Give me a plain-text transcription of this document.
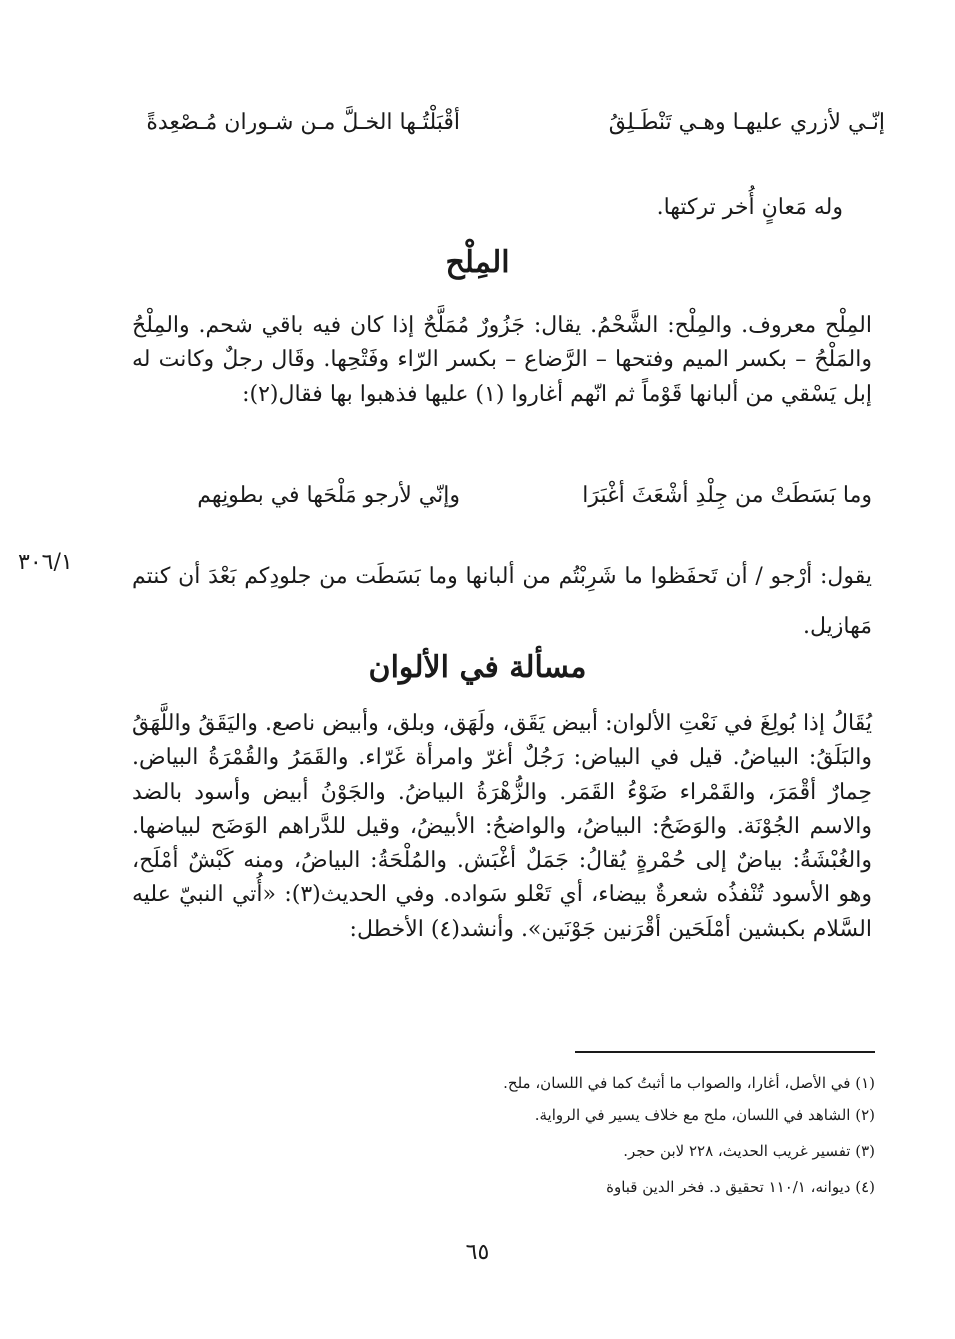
إنّـي لأزري عليهـا وهـي تَنْطَـلِقُ
أقْبَلْتُـها الخـلَّ مـن شـوران مُـصْعِدةً
وله مَعانٍ أُخر تركتها.
المِلْح
المِلْح معروف. والمِلْح: الشَّحْمُ. يقال: جَزُورٌ مُمَلَّحٌ إذا كان فيه باقي شحم. والمِلْحُ والمَلْحُ – بكسر الميم وفتحها – الرَّضاع – بكسر الرّاء وفَتْحِها. وقَال رجلٌ وكانت له إبل يَسْقي من ألبانها قَوْماً ثم انّهم أغاروا (١) عليها فذهبوا بها فقال(٢):
وما بَسَطَتْ من جِلْدِ أشْعَثَ أغْبَرَا
وإنّي لأرجو مَلْحَها في بطونِهم
يقول: أرْجو / أن تَحفَظوا ما شَرِبْتُم من ألبانها وما بَسَطَت من جلودِكم بَعْدَ أن كنتم مَهازيل.
٣٠٦/١
مسألة في الألوان
يُقَالُ إذا بُولِغَ في نَعْتِ الألوان: أبيض يَقَق، ولَهَق، وبلق، وأبيض ناصع. واليَقَقُ واللَّهَقُ والبَلَقُ: البياضُ. قيل في البياض: رَجُلٌ أغرّ وامرأة غَرّاء. والقَمَرُ والقُمْرَةُ البياض. حِمارٌ أقْمَرَ، والقَمْراء ضَوْءُ القَمَر. والزُّهْرَةُ البياضُ. والجَوْنُ أبيض وأسود بالضد والاسم الجُوْنَة. والوَضَحُ: البياضُ، والواضحُ: الأبيضُ، وقيل للدَّراهم الوَضَح لبياضها. والغُبْشَةُ: بياضٌ إلى حُمْرةٍ يُقالُ: جَمَلٌ أغْبَش. والمُلْحَةُ: البياضُ، ومنه كَبْشٌ أمْلَح، وهو الأسود تُنْفذُه شعرةٌ بيضاء، أي تَعْلو سَواده. وفي الحديث(٣): «أُتي النبيّ عليه السَّلام بكبشين أمْلَحَين أقْرَنين جَوْنَين». وأنشد(٤) الأخطل:
(١) في الأصل، أغارا، والصواب ما أثبتُ كما في اللسان، ملح.
(٢) الشاهد في اللسان، ملح مع خلاف يسير في الرواية.
(٣) تفسير غريب الحديث، ٢٢٨ لابن حجر.
(٤) ديوانه، ١١٠/١ تحقيق د. فخر الدين قباوة
٦٥
